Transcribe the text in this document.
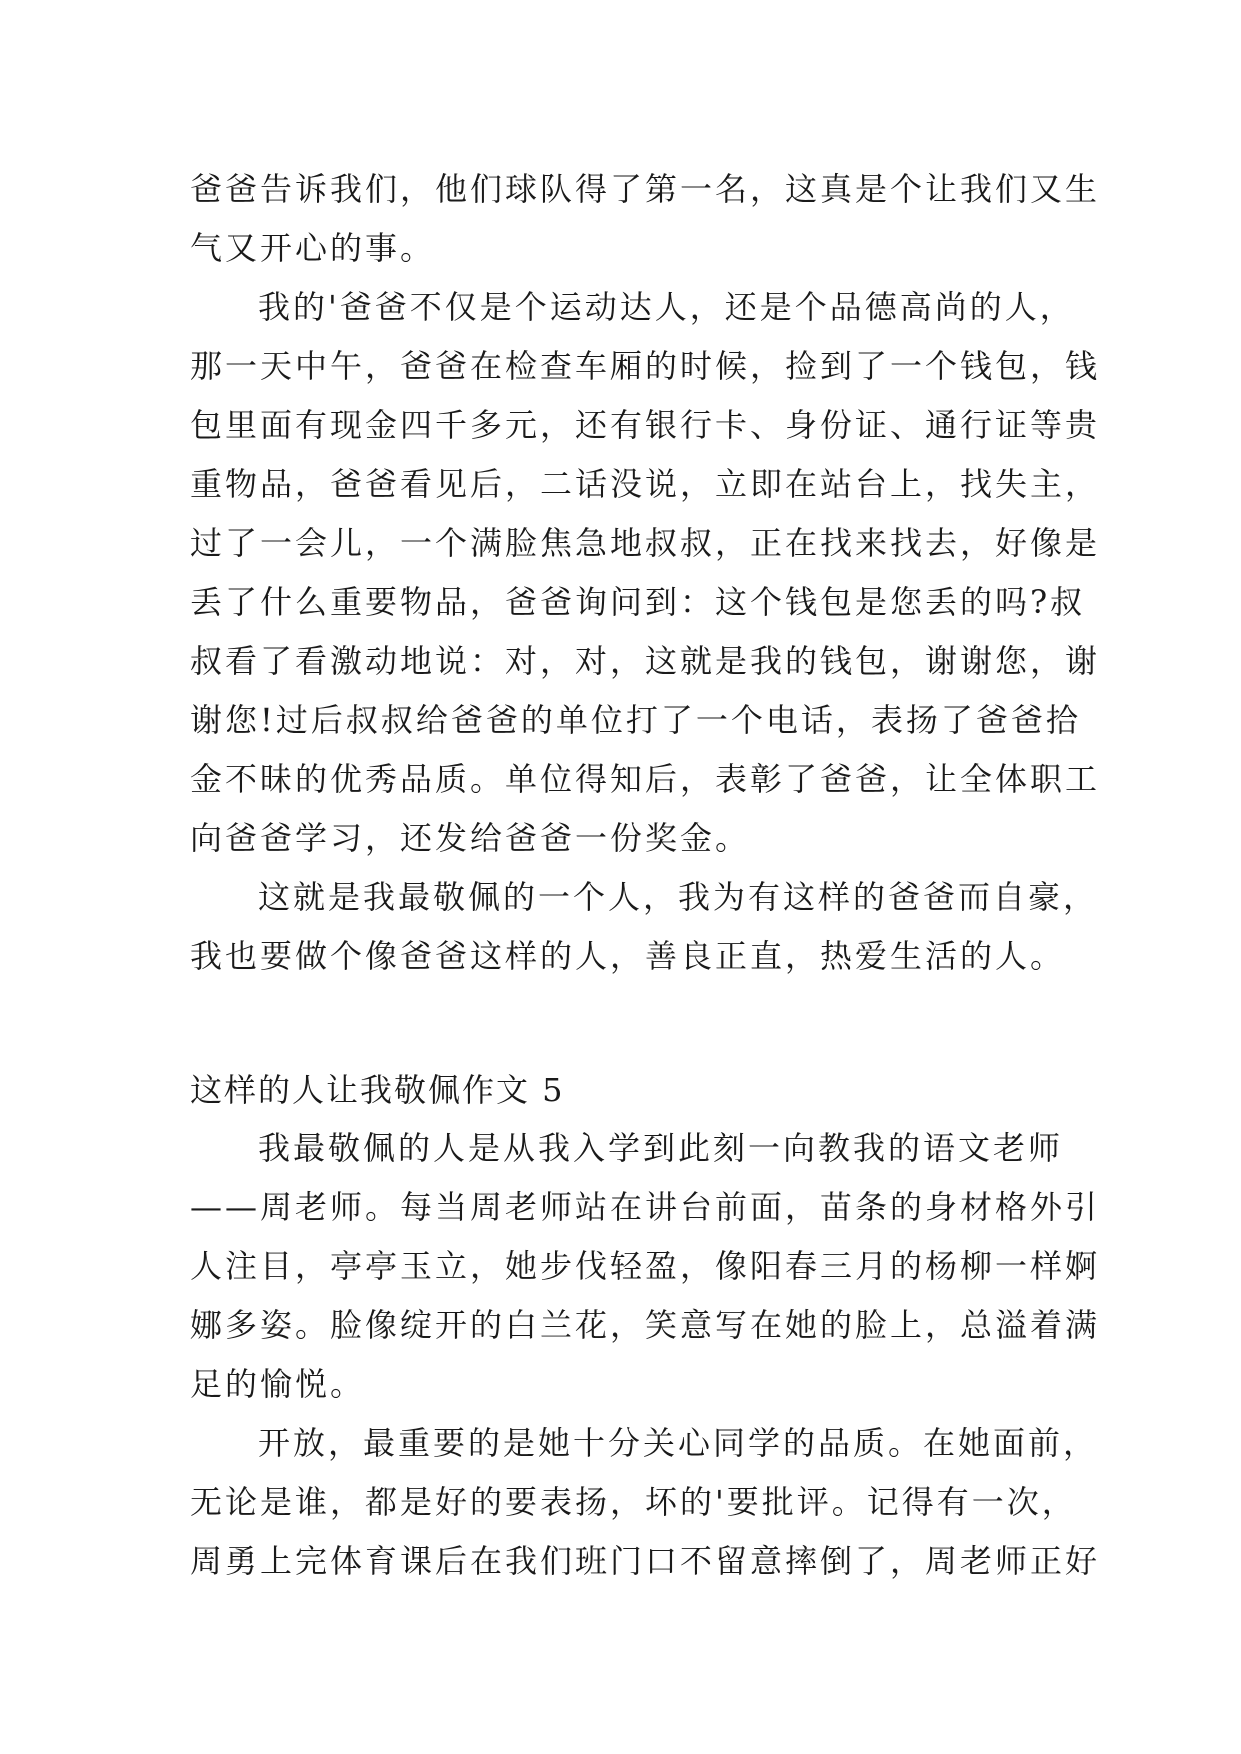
爸爸告诉我们，他们球队得了第一名，这真是个让我们又生
气又开心的事。
我的'爸爸不仅是个运动达人，还是个品德高尚的人，
那一天中午，爸爸在检查车厢的时候，捡到了一个钱包，钱
包里面有现金四千多元，还有银行卡、身份证、通行证等贵
重物品，爸爸看见后，二话没说，立即在站台上，找失主，
过了一会儿，一个满脸焦急地叔叔，正在找来找去，好像是
丢了什么重要物品，爸爸询问到：这个钱包是您丢的吗?叔
叔看了看激动地说：对，对，这就是我的钱包，谢谢您，谢
谢您!过后叔叔给爸爸的单位打了一个电话，表扬了爸爸拾
金不昧的优秀品质。单位得知后，表彰了爸爸，让全体职工
向爸爸学习，还发给爸爸一份奖金。
这就是我最敬佩的一个人，我为有这样的爸爸而自豪，
我也要做个像爸爸这样的人，善良正直，热爱生活的人。
这样的人让我敬佩作文 5
我最敬佩的人是从我入学到此刻一向教我的语文老师
——周老师。每当周老师站在讲台前面，苗条的身材格外引
人注目，亭亭玉立，她步伐轻盈，像阳春三月的杨柳一样婀
娜多姿。脸像绽开的白兰花，笑意写在她的脸上，总溢着满
足的愉悦。
开放，最重要的是她十分关心同学的品质。在她面前，
无论是谁，都是好的要表扬，坏的'要批评。记得有一次，
周勇上完体育课后在我们班门口不留意摔倒了，周老师正好
